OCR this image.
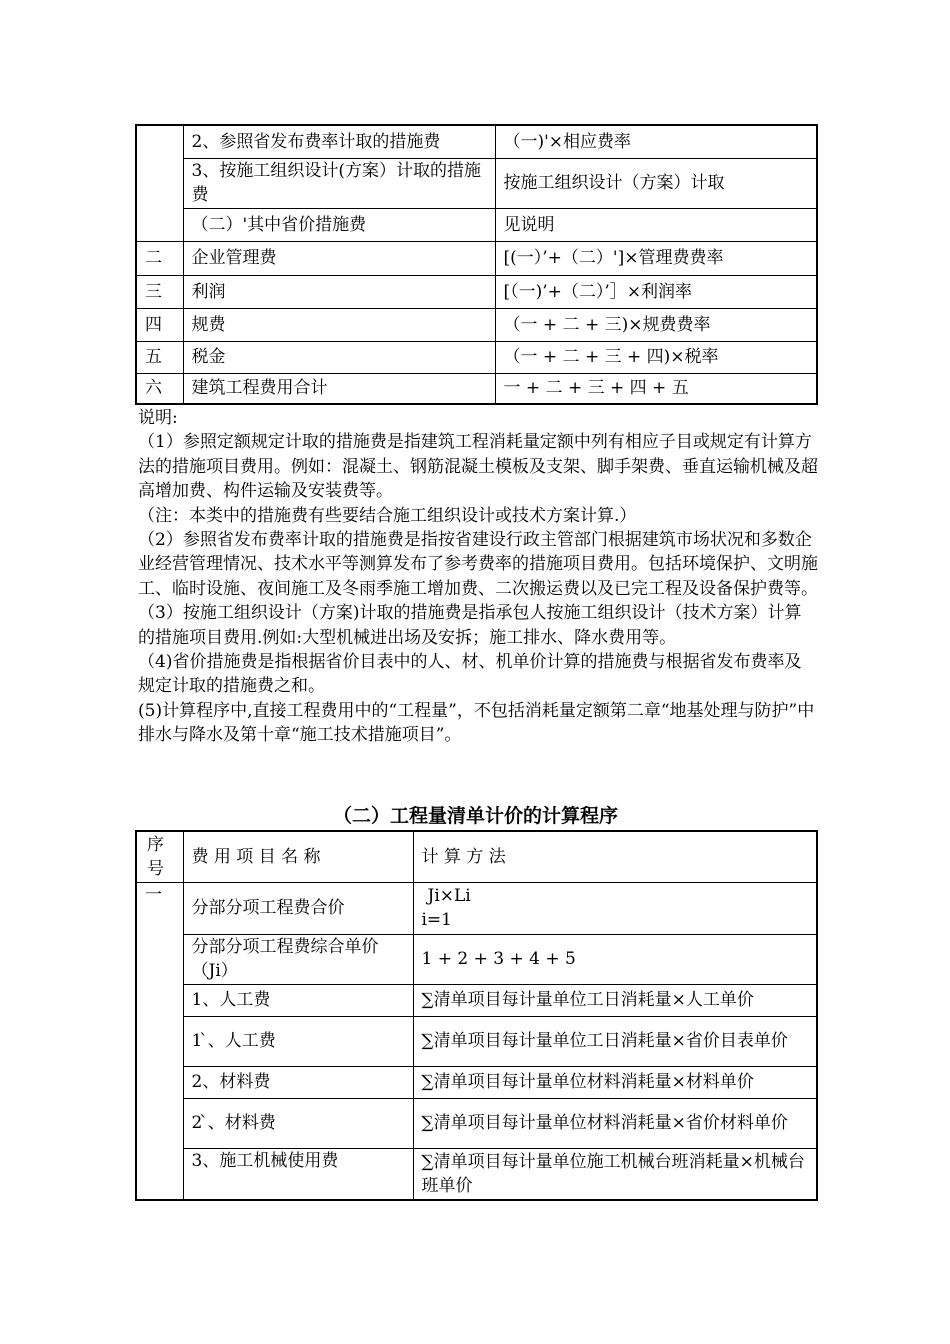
	2、参照省发布费率计取的措施费	（一)'×相应费率
	3、按施工组织设计(方案）计取的措施费	按施工组织设计（方案）计取
	（二）'其中省价措施费	见说明
二	企业管理费	[(一）’+（二）']×管理费费率
三	利润	[（一)’+（二）’］×利润率
四	规费	（一 + 二 + 三)×规费费率
五	税金	（一 + 二 + 三 + 四)×税率
六	建筑工程费用合计	一 + 二 + 三 + 四 + 五

说明:

（1）参照定额规定计取的措施费是指建筑工程消耗量定额中列有相应子目或规定有计算方法的措施项目费用。例如：混凝土、钢筋混凝土模板及支架、脚手架费、垂直运输机械及超高增加费、构件运输及安装费等。

（注：本类中的措施费有些要结合施工组织设计或技术方案计算.）

（2）参照省发布费率计取的措施费是指按省建设行政主管部门根据建筑市场状况和多数企业经营管理情况、技术水平等测算发布了参考费率的措施项目费用。包括环境保护、文明施工、临时设施、夜间施工及冬雨季施工增加费、二次搬运费以及已完工程及设备保护费等。

（3）按施工组织设计（方案)计取的措施费是指承包人按施工组织设计（技术方案）计算的措施项目费用.例如:大型机械进出场及安拆；施工排水、降水费用等。

（4)省价措施费是指根据省价目表中的人、材、机单价计算的措施费与根据省发布费率及规定计取的措施费之和。

(5)计算程序中,直接工程费用中的“工程量”，不包括消耗量定额第二章“地基处理与防护”中排水与降水及第十章“施工技术措施项目”。

（二）工程量清单计价的计算程序
序号	费 用 项 目 名 称	计 算 方 法
一	分部分项工程费合价	Ji×Li
i=1

	分部分项工程费综合单价（Ji）	1 + 2 + 3 + 4 + 5
	1、人工费	∑清单项目每计量单位工日消耗量×人工单价
	1 ̀、人工费	∑清单项目每计量单位工日消耗量×省价目表单价
	2、材料费	∑清单项目每计量单位材料消耗量×材料单价
	2 ̀、材料费	∑清单项目每计量单位材料消耗量×省价材料单价
	3、施工机械使用费	∑清单项目每计量单位施工机械台班消耗量×机械台班单价
